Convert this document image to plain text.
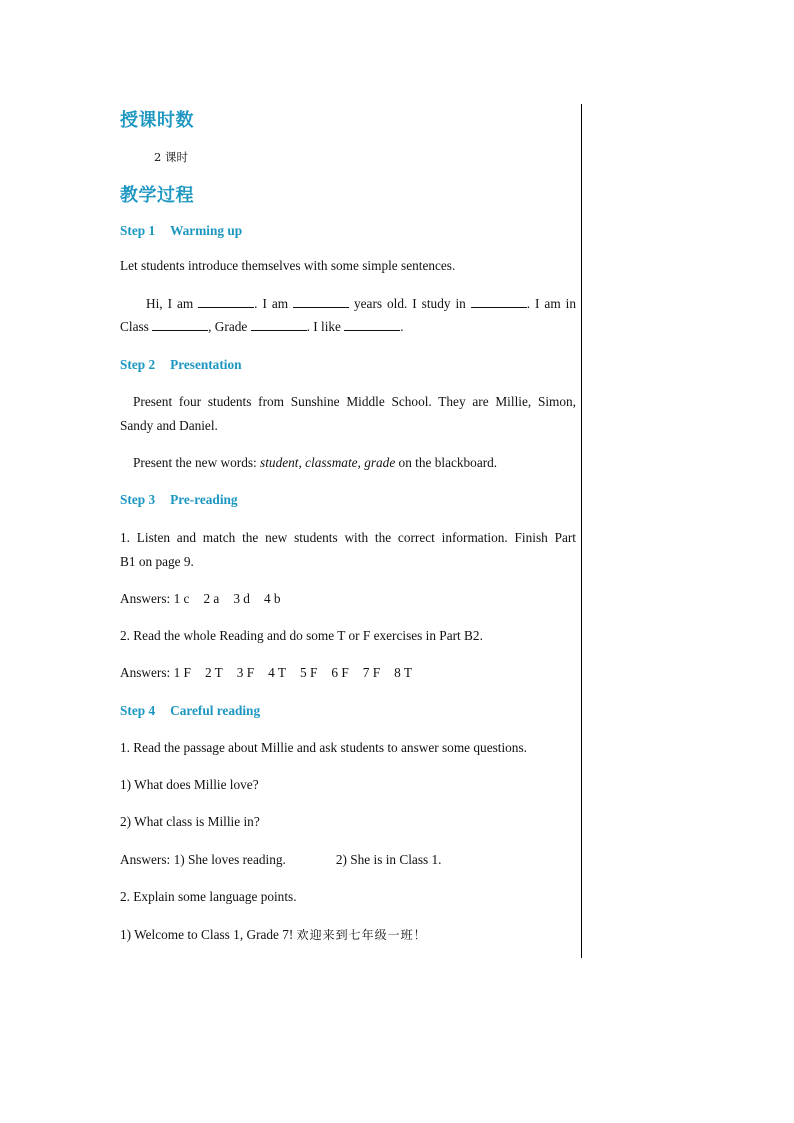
授课时数
2 课时
教学过程
Step 1 Warming up
Let students introduce themselves with some simple sentences.
Hi, I am	. I am	years old. I study in	. I am in
Class	, Grade	. I like	.
Step 2 Presentation
Present four students from Sunshine Middle School. They are Millie, Simon,
Sandy and Daniel.
Present the new words: student, classmate, grade on the blackboard.
Step 3 Pre-reading
1. Listen and match the new students with the correct information. Finish Part
B1 on page 9.
Answers: 1 c 2 a 3 d 4 b
2. Read the whole Reading and do some T or F exercises in Part B2.
Answers: 1 F 2 T 3 F 4 T 5 F 6 F 7 F 8 T
Step 4 Careful reading
1. Read the passage about Millie and ask students to answer some questions.
1) What does Millie love?
2) What class is Millie in?
Answers: 1) She loves reading.	2) She is in Class 1.
2. Explain some language points.
1) Welcome to Class 1, Grade 7! 欢迎来到七年级一班！
